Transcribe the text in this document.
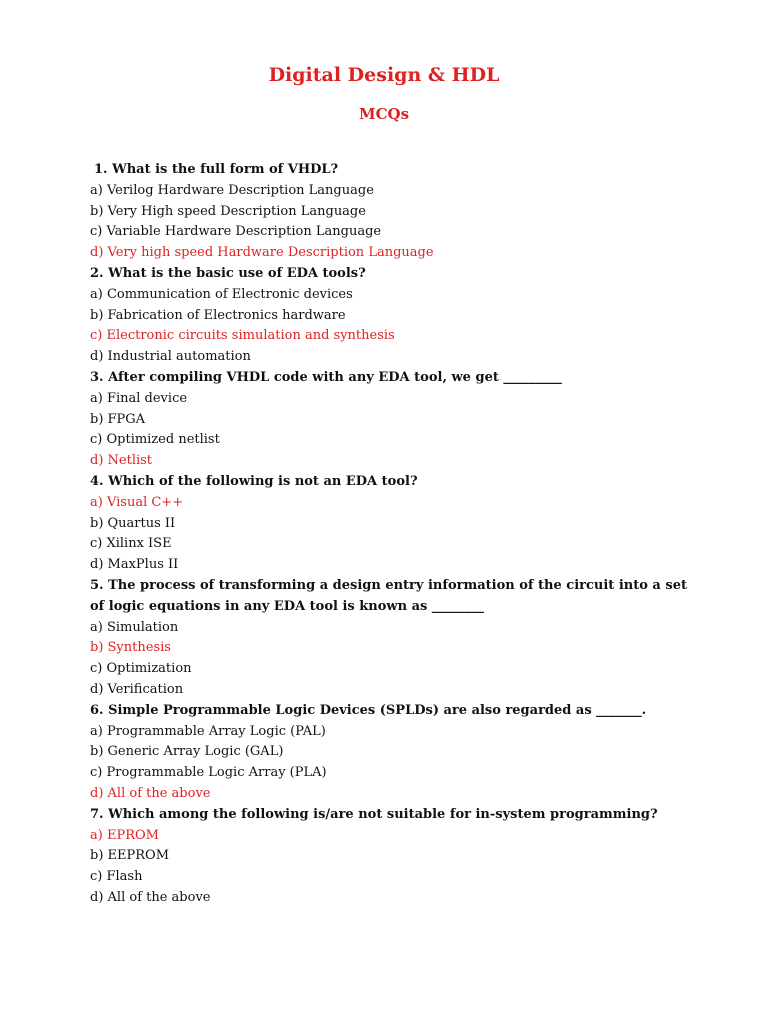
Digital Design & HDL
MCQs
1. What is the full form of VHDL?
a) Verilog Hardware Description Language
b) Very High speed Description Language
c) Variable Hardware Description Language
d) Very high speed Hardware Description Language
2. What is the basic use of EDA tools?
a) Communication of Electronic devices
b) Fabrication of Electronics hardware
c) Electronic circuits simulation and synthesis
d) Industrial automation
3. After compiling VHDL code with any EDA tool, we get _________
a) Final device
b) FPGA
c) Optimized netlist
d) Netlist
4. Which of the following is not an EDA tool?
a) Visual C++
b) Quartus II
c) Xilinx ISE
d) MaxPlus II
5. The process of transforming a design entry information of the circuit into a set of logic equations in any EDA tool is known as ________
a) Simulation
b) Synthesis
c) Optimization
d) Verification
6. Simple Programmable Logic Devices (SPLDs) are also regarded as _______.
a) Programmable Array Logic (PAL)
b) Generic Array Logic (GAL)
c) Programmable Logic Array (PLA)
d) All of the above
7. Which among the following is/are not suitable for in-system programming?
a) EPROM
b) EEPROM
c) Flash
d) All of the above
